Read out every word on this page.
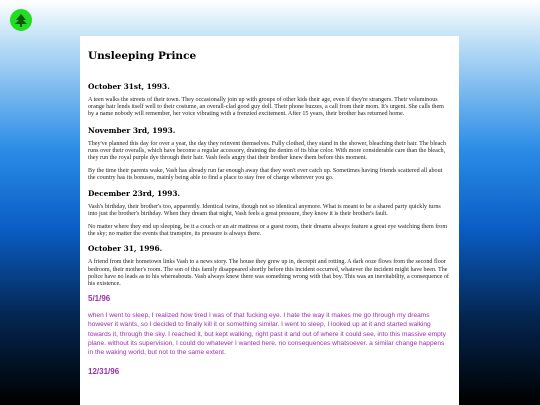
Unsleeping Prince
October 31st, 1993.

A teen walks the streets of their town. They occasionally join up with groups of other kids their age, even if they're strangers. Their voluminous orange hair lends itself well to their costume, an overall-clad good guy doll. Their phone buzzes, a call from their mom. It's urgent. She calls them by a name nobody will remember, her voice vibrating with a frenzied excitement. After 15 years, their brother has returned home.

November 3rd, 1993.

They've planned this day for over a year, the day they reinvent themselves. Fully clothed, they stand in the shower, bleaching their hair. The bleach runs over their overalls, which have become a regular accessory, draining the denim of its blue color. With more considerable care than the bleach, they run the royal purple dye through their hair. Vash feels angry that their brother knew them before this moment.

By the time their parents wake, Vash has already run far enough away that they won't ever catch up. Sometimes having friends scattered all about the country has its bonuses, mainly being able to find a place to stay free of charge wherever you go.

December 23rd, 1993.

Vash's birthday, their brother's too, apparently. Identical twins, though not so identical anymore. What is meant to be a shared party quickly turns into just the brother's birthday. When they dream that night, Vash feels a great pressure, they know it is their brother's fault.

No matter where they end up sleeping, be it a couch or an air mattress or a guest room, their dreams always feature a great eye watching them from the sky; no matter the events that transpire, its pressure is always there.

October 31, 1996.

A friend from their hometown links Vash to a news story. The house they grew up in, decrepit and rotting. A dark ooze flows from the second floor bedroom, their mother's room. The son of this family disappeared shortly before this incident occurred, whatever the incident might have been. The police have no leads as to his whereabouts. Vash always knew there was something wrong with that boy. This was an inevitability, a consequence of his existence.

5/1/96

when I went to sleep, I realized how tired I was of that fucking eye. I hate the way it makes me go through my dreams however it wants, so I decided to finally kill it or something similar. I went to sleep, I looked up at it and started walking towards it, through the sky. I reached it, but kept walking, right past it and out of where it could see, into this massive empty plane. without its supervision, I could do whatever I wanted here, no consequences whatsoever. a similar change happens in the waking world, but not to the same extent.

12/31/96
